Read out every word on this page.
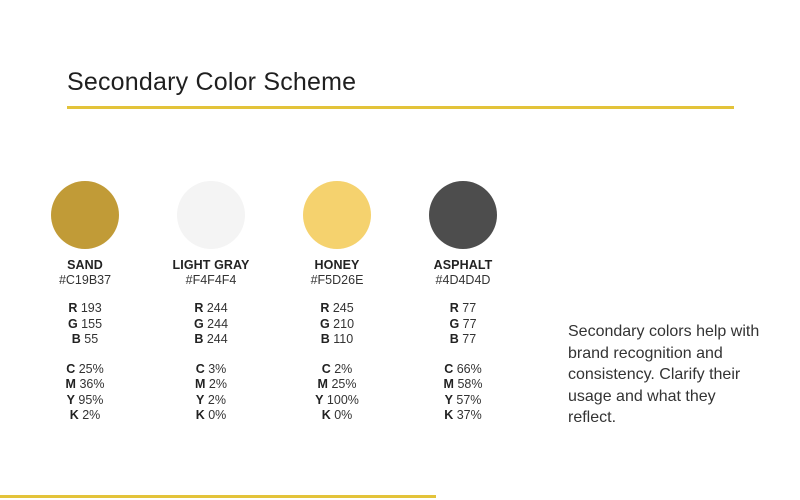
Secondary Color Scheme
SAND
#C19B37
R 193
G 155
B 55
C 25%
M 36%
Y 95%
K 2%
LIGHT GRAY
#F4F4F4
R 244
G 244
B 244
C 3%
M 2%
Y 2%
K 0%
HONEY
#F5D26E
R 245
G 210
B 110
C 2%
M 25%
Y 100%
K 0%
ASPHALT
#4D4D4D
R 77
G 77
B 77
C 66%
M 58%
Y 57%
K 37%
Secondary colors help with brand recognition and consistency. Clarify their usage and what they reflect.
